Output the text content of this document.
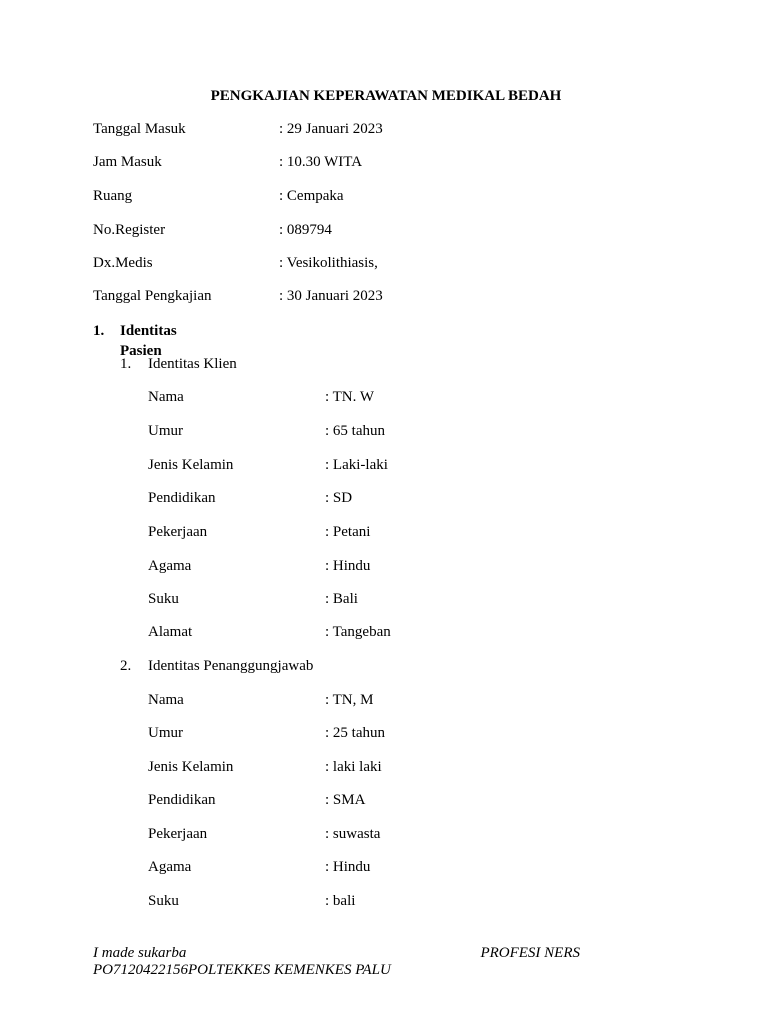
PENGKAJIAN KEPERAWATAN MEDIKAL BEDAH
Tanggal Masuk	: 29 Januari 2023
Jam Masuk	: 10.30 WITA
Ruang	: Cempaka
No.Register	: 089794
Dx.Medis	: Vesikolithiasis,
Tanggal Pengkajian	: 30 Januari 2023
1. Identitas Pasien
1. Identitas Klien
Nama	: TN. W
Umur	: 65 tahun
Jenis Kelamin	: Laki-laki
Pendidikan	: SD
Pekerjaan	: Petani
Agama	: Hindu
Suku	: Bali
Alamat	: Tangeban
2. Identitas Penanggungjawab
Nama	: TN, M
Umur	: 25 tahun
Jenis Kelamin	: laki laki
Pendidikan	: SMA
Pekerjaan	: suwasta
Agama	: Hindu
Suku	: bali
I made sukarba	PROFESI NERS
PO7120422156POLTEKKES KEMENKES PALU
